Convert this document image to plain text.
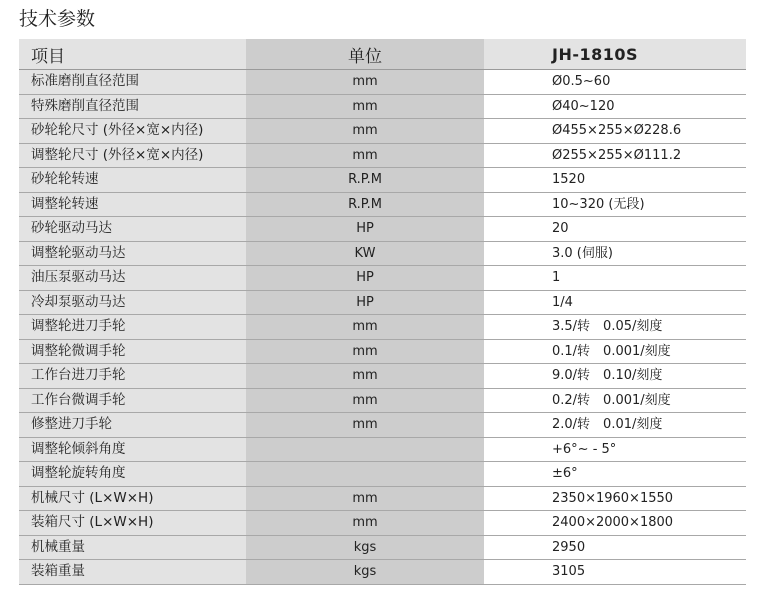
技术参数
项目	单位	JH-1810S
标准磨削直径范围	mm	Ø0.5~60
特殊磨削直径范围	mm	Ø40~120
砂轮轮尺寸 (外径×宽×内径)	mm	Ø455×255×Ø228.6
调整轮尺寸 (外径×宽×内径)	mm	Ø255×255×Ø111.2
砂轮轮转速	R.P.M	1520
调整轮转速	R.P.M	10~320 (无段)
砂轮驱动马达	HP	20
调整轮驱动马达	KW	3.0 (伺服)
油压泵驱动马达	HP	1
冷却泵驱动马达	HP	1/4
调整轮进刀手轮	mm	3.5/转　0.05/刻度
调整轮微调手轮	mm	0.1/转　0.001/刻度
工作台进刀手轮	mm	9.0/转　0.10/刻度
工作台微调手轮	mm	0.2/转　0.001/刻度
修整进刀手轮	mm	2.0/转　0.01/刻度
调整轮倾斜角度		+6°~ - 5°
调整轮旋转角度		±6°
机械尺寸 (L×W×H)	mm	2350×1960×1550
装箱尺寸 (L×W×H)	mm	2400×2000×1800
机械重量	kgs	2950
装箱重量	kgs	3105
